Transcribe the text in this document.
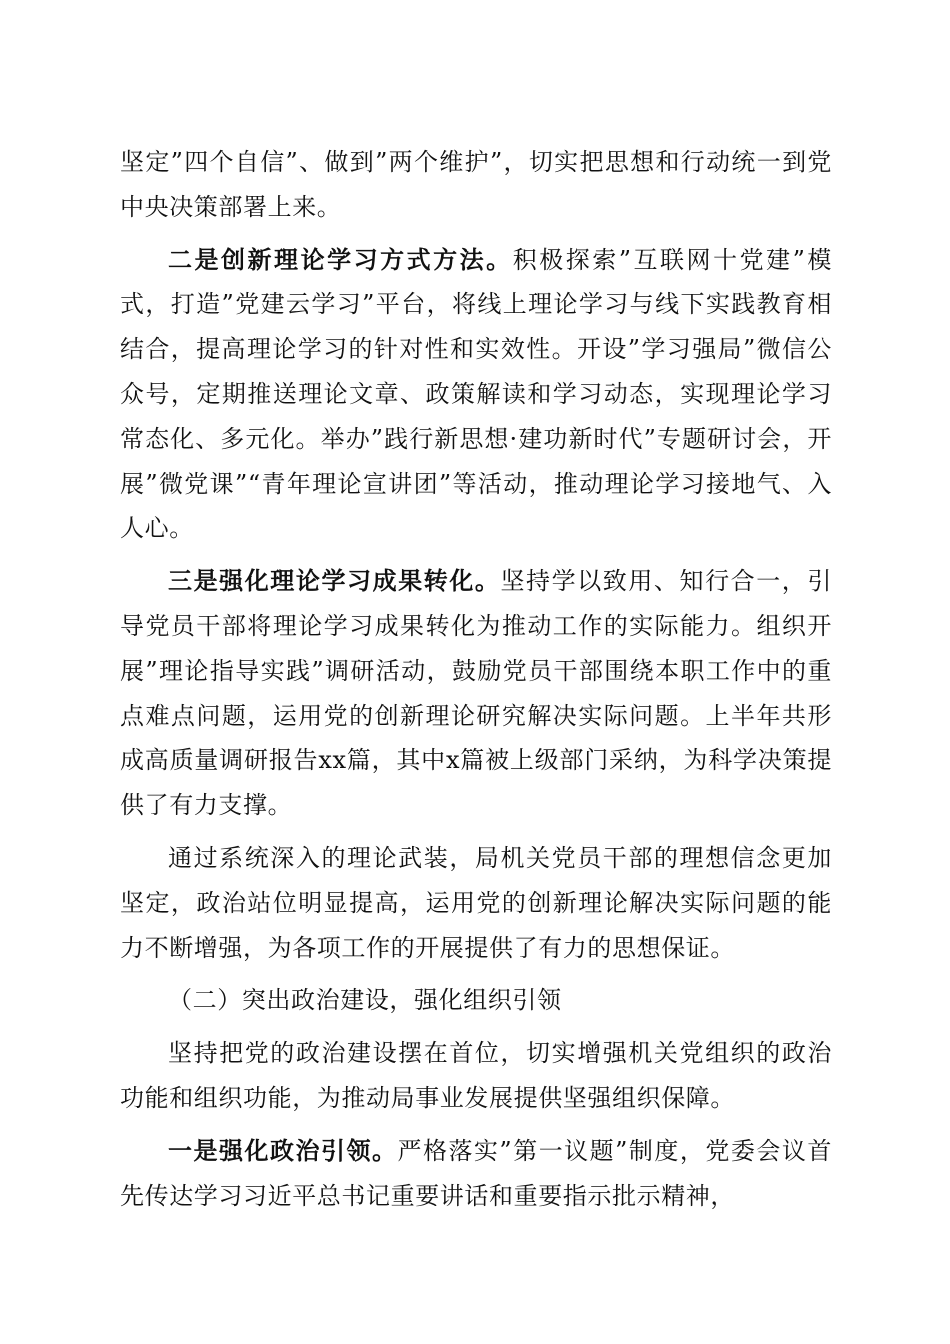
坚定”四个自信”、做到”两个维护”，切实把思想和行动统一到党中央决策部署上来。

二是创新理论学习方式方法。积极探索”互联网十党建”模式，打造”党建云学习”平台，将线上理论学习与线下实践教育相结合，提高理论学习的针对性和实效性。开设”学习强局”微信公众号，定期推送理论文章、政策解读和学习动态，实现理论学习常态化、多元化。举办”践行新思想·建功新时代”专题研讨会，开展”微党课”“青年理论宣讲团”等活动，推动理论学习接地气、入人心。

三是强化理论学习成果转化。坚持学以致用、知行合一，引导党员干部将理论学习成果转化为推动工作的实际能力。组织开展”理论指导实践”调研活动，鼓励党员干部围绕本职工作中的重点难点问题，运用党的创新理论研究解决实际问题。上半年共形成高质量调研报告xx篇，其中x篇被上级部门采纳，为科学决策提供了有力支撑。

通过系统深入的理论武装，局机关党员干部的理想信念更加坚定，政治站位明显提高，运用党的创新理论解决实际问题的能力不断增强，为各项工作的开展提供了有力的思想保证。

（二）突出政治建设，强化组织引领

坚持把党的政治建设摆在首位，切实增强机关党组织的政治功能和组织功能，为推动局事业发展提供坚强组织保障。

一是强化政治引领。严格落实”第一议题”制度，党委会议首先传达学习习近平总书记重要讲话和重要指示批示精神，
